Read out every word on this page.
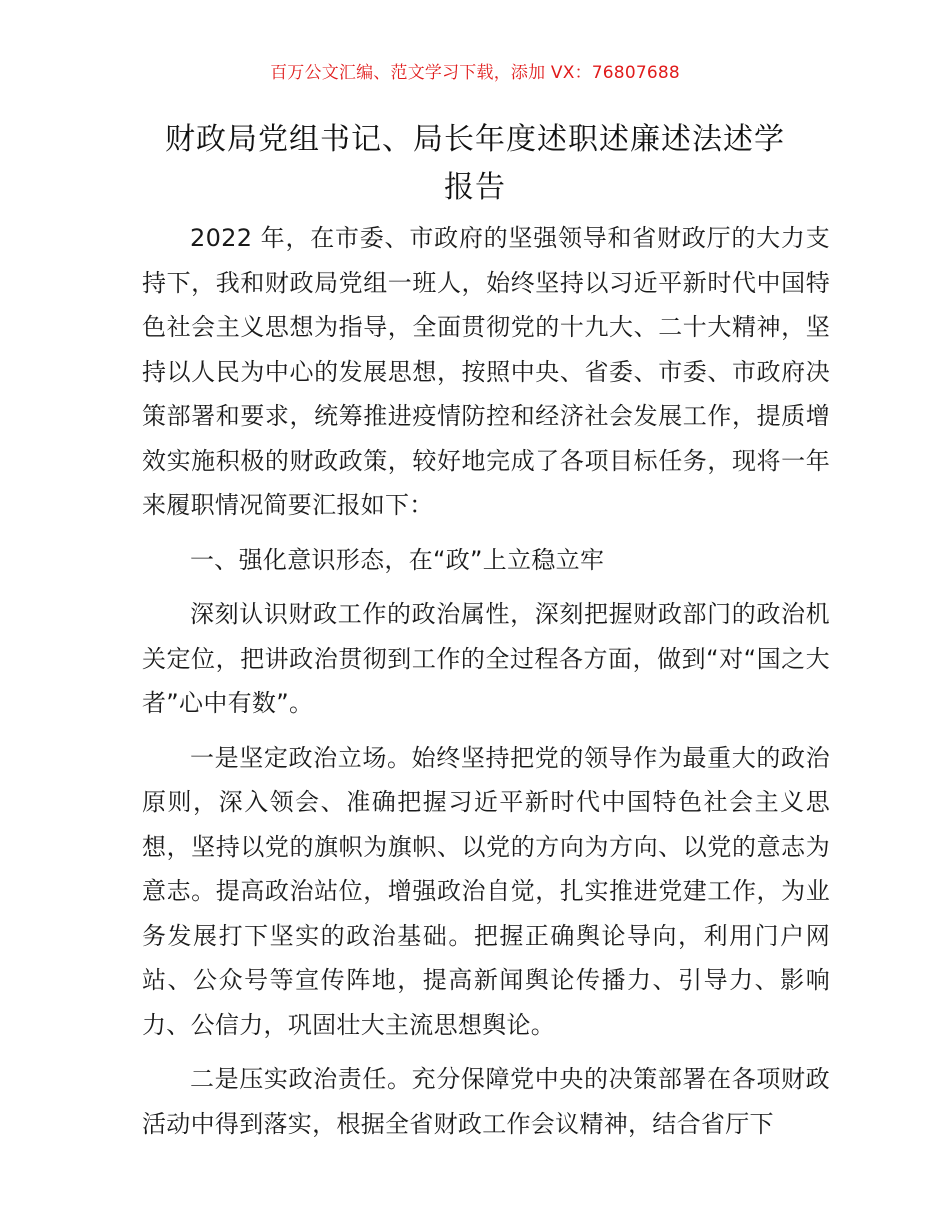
百万公文汇编、范文学习下载，添加 VX：76807688
财政局党组书记、局长年度述职述廉述法述学
报告

2022 年，在市委、市政府的坚强领导和省财政厅的大力支持下，我和财政局党组一班人，始终坚持以习近平新时代中国特色社会主义思想为指导，全面贯彻党的十九大、二十大精神，坚持以人民为中心的发展思想，按照中央、省委、市委、市政府决策部署和要求，统筹推进疫情防控和经济社会发展工作，提质增效实施积极的财政政策，较好地完成了各项目标任务，现将一年来履职情况简要汇报如下：

一、强化意识形态，在“政”上立稳立牢

深刻认识财政工作的政治属性，深刻把握财政部门的政治机关定位，把讲政治贯彻到工作的全过程各方面，做到“对“国之大者”心中有数”。

一是坚定政治立场。始终坚持把党的领导作为最重大的政治原则，深入领会、准确把握习近平新时代中国特色社会主义思想，坚持以党的旗帜为旗帜、以党的方向为方向、以党的意志为意志。提高政治站位，增强政治自觉，扎实推进党建工作，为业务发展打下坚实的政治基础。把握正确舆论导向，利用门户网站、公众号等宣传阵地，提高新闻舆论传播力、引导力、影响力、公信力，巩固壮大主流思想舆论。

二是压实政治责任。充分保障党中央的决策部署在各项财政活动中得到落实，根据全省财政工作会议精神，结合省厅下
